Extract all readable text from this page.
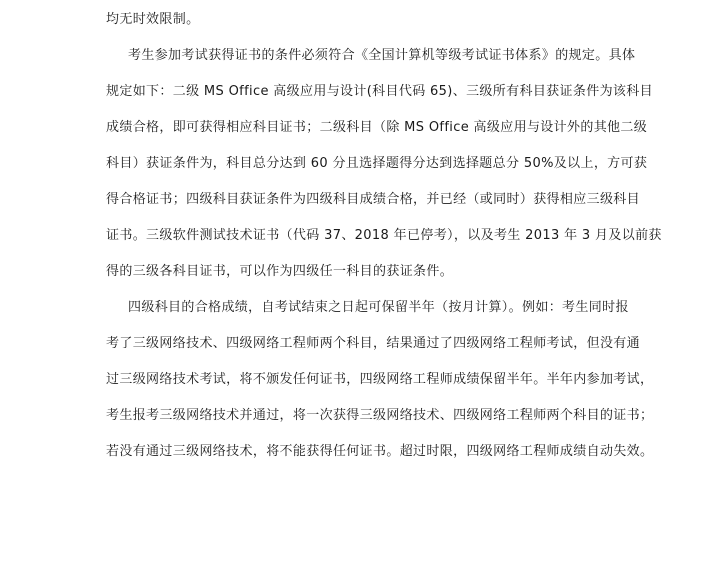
均无时效限制。
考生参加考试获得证书的条件必须符合《全国计算机等级考试证书体系》的规定。具体
规定如下：二级 MS Office 高级应用与设计(科目代码 65)、三级所有科目获证条件为该科目
成绩合格，即可获得相应科目证书；二级科目（除 MS Office 高级应用与设计外的其他二级
科目）获证条件为，科目总分达到 60 分且选择题得分达到选择题总分 50%及以上，方可获
得合格证书；四级科目获证条件为四级科目成绩合格，并已经（或同时）获得相应三级科目
证书。三级软件测试技术证书（代码 37、2018 年已停考），以及考生 2013 年 3 月及以前获
得的三级各科目证书，可以作为四级任一科目的获证条件。
四级科目的合格成绩，自考试结束之日起可保留半年（按月计算）。例如：考生同时报
考了三级网络技术、四级网络工程师两个科目，结果通过了四级网络工程师考试，但没有通
过三级网络技术考试，将不颁发任何证书，四级网络工程师成绩保留半年。半年内参加考试，
考生报考三级网络技术并通过，将一次获得三级网络技术、四级网络工程师两个科目的证书；
若没有通过三级网络技术，将不能获得任何证书。超过时限，四级网络工程师成绩自动失效。
